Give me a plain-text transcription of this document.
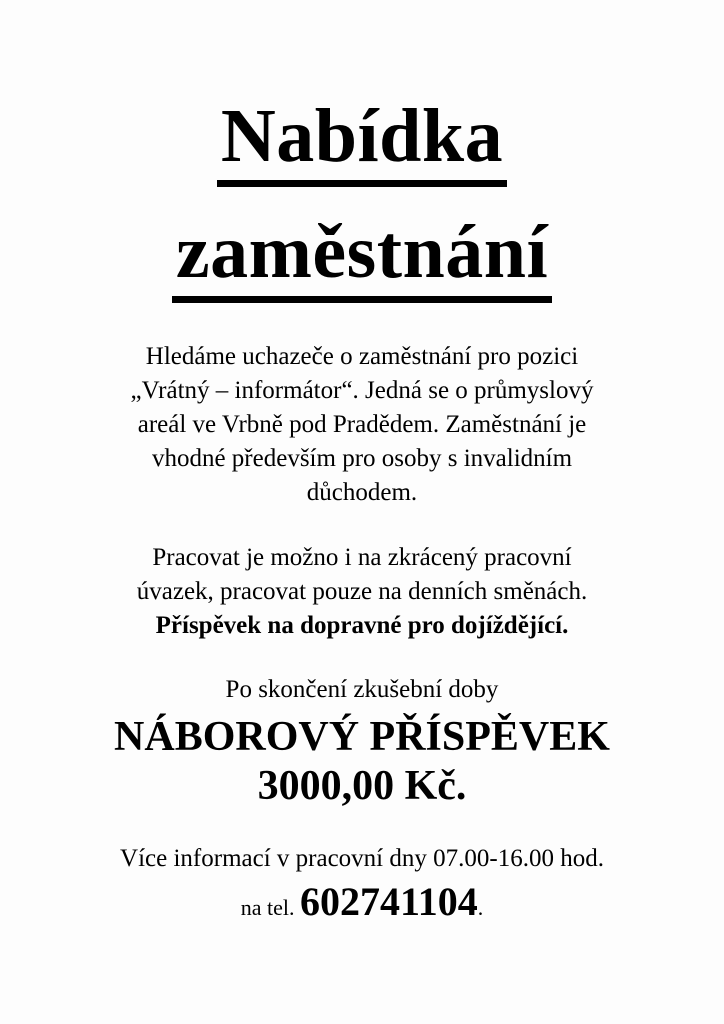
Nabídka
zaměstnání
Hledáme uchazeče o zaměstnání pro pozici
„Vrátný – informátor“. Jedná se o průmyslový
areál ve Vrbně pod Pradědem. Zaměstnání je
vhodné především pro osoby s invalidním
důchodem.
Pracovat je možno i na zkrácený pracovní
úvazek, pracovat pouze na denních směnách.
Příspěvek na dopravné pro dojíždějící.
Po skončení zkušební doby
NÁBOROVÝ PŘÍSPĚVEK
3000,00 Kč.
Více informací v pracovní dny 07.00-16.00 hod.
na tel. 602741104.
